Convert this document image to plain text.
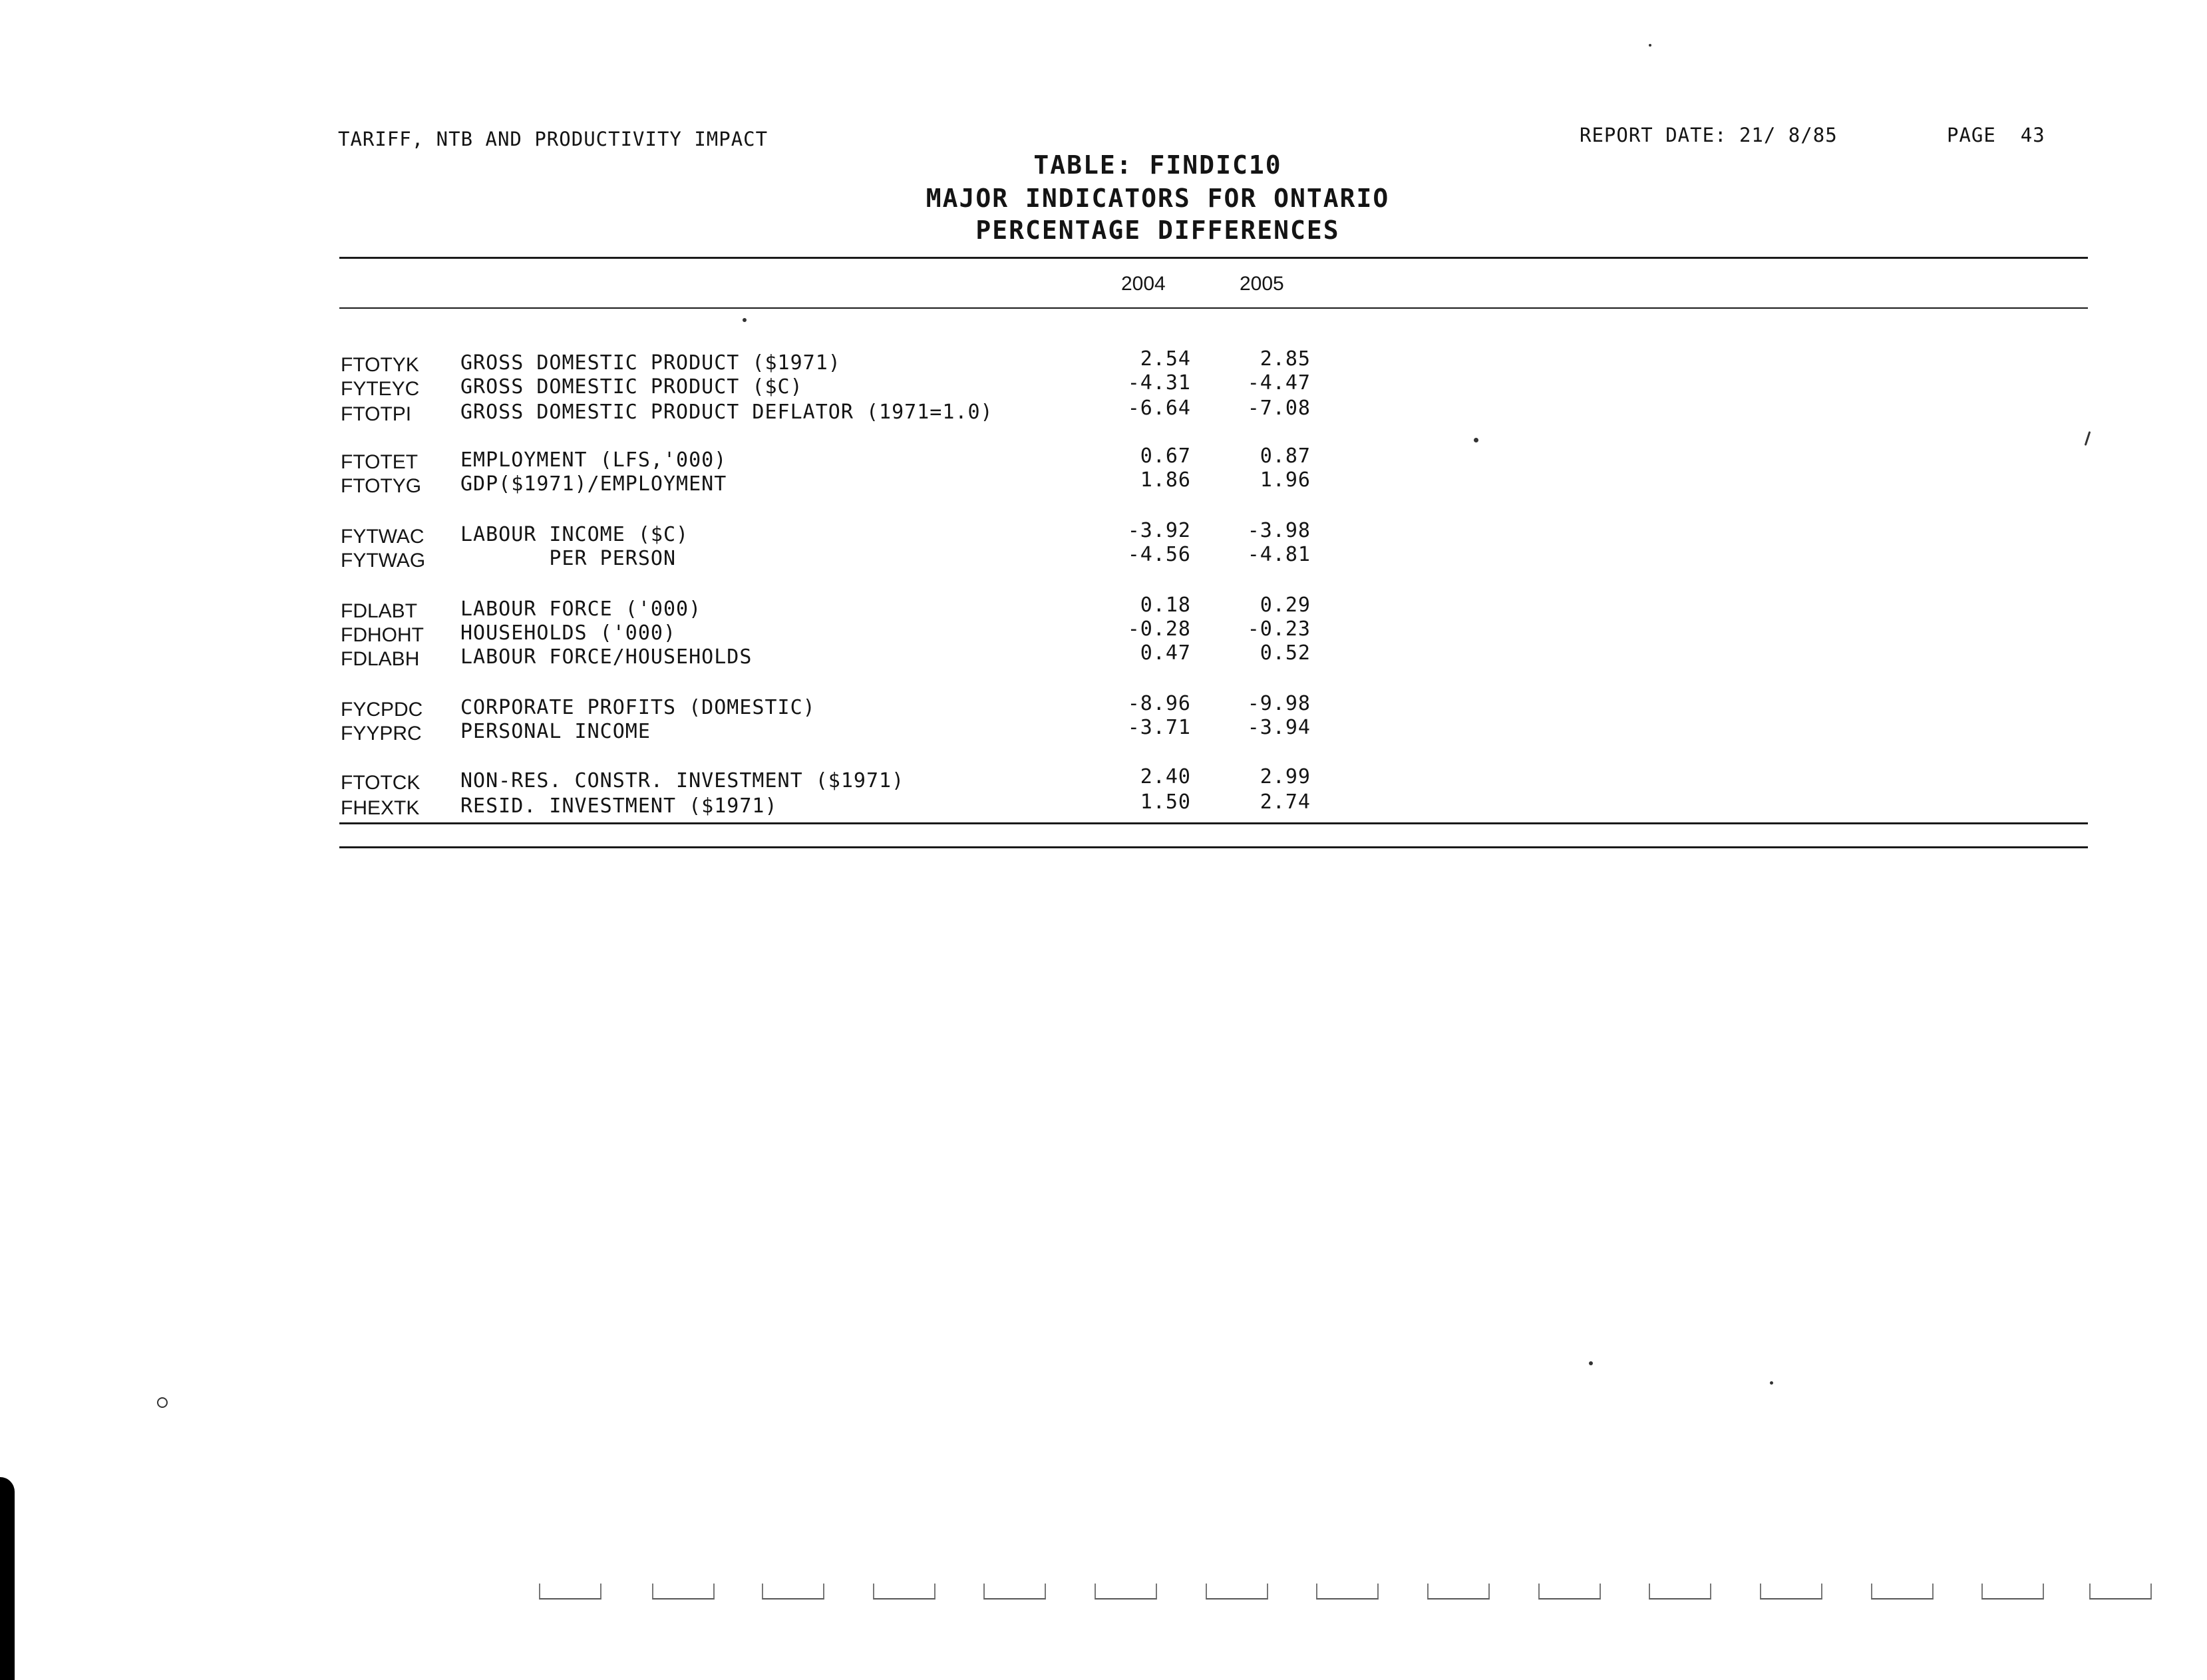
TARIFF, NTB AND PRODUCTIVITY IMPACT	REPORT DATE: 21/ 8/85	PAGE  43
TABLE: FINDIC10
MAJOR INDICATORS FOR ONTARIO
PERCENTAGE DIFFERENCES
2004	2005
FTOTYK	GROSS DOMESTIC PRODUCT ($1971)	2.54	2.85
FYTEYC	GROSS DOMESTIC PRODUCT ($C)	-4.31	-4.47
FTOTPI	GROSS DOMESTIC PRODUCT DEFLATOR (1971=1.0)	-6.64	-7.08
FTOTET	EMPLOYMENT (LFS,'000)	0.67	0.87
FTOTYG	GDP($1971)/EMPLOYMENT	1.86	1.96
FYTWAC	LABOUR INCOME ($C)	-3.92	-3.98
FYTWAG	PER PERSON	-4.56	-4.81
FDLABT	LABOUR FORCE ('000)	0.18	0.29
FDHOHT	HOUSEHOLDS ('000)	-0.28	-0.23
FDLABH	LABOUR FORCE/HOUSEHOLDS	0.47	0.52
FYCPDC	CORPORATE PROFITS (DOMESTIC)	-8.96	-9.98
FYYPRC	PERSONAL INCOME	-3.71	-3.94
FTOTCK	NON-RES. CONSTR. INVESTMENT ($1971)	2.40	2.99
FHEXTK	RESID. INVESTMENT ($1971)	1.50	2.74
